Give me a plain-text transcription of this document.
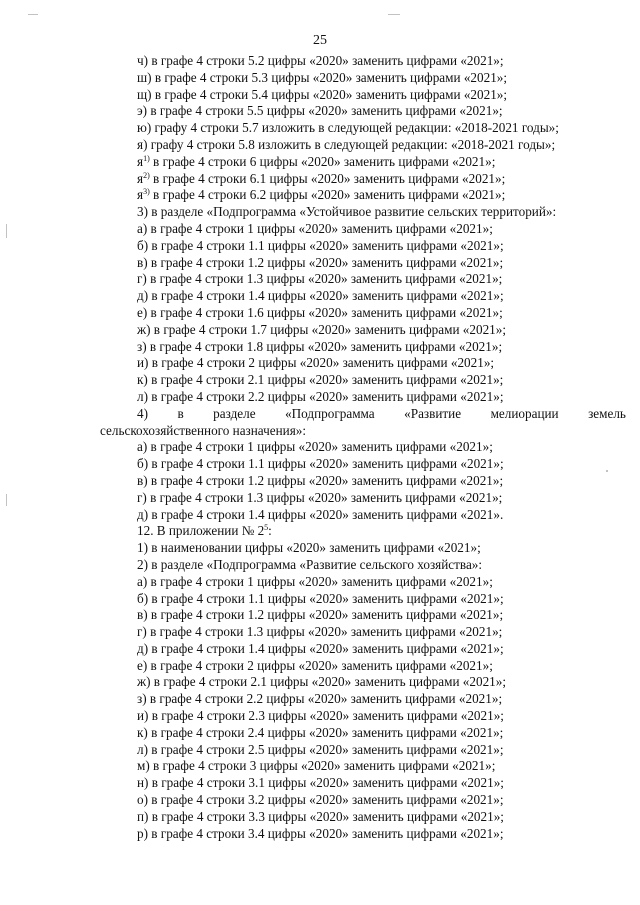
25
ч) в графе 4 строки 5.2 цифры «2020» заменить цифрами «2021»;
ш) в графе 4 строки 5.3 цифры «2020» заменить цифрами «2021»;
щ) в графе 4 строки 5.4 цифры «2020» заменить цифрами «2021»;
э) в графе 4 строки 5.5 цифры «2020» заменить цифрами «2021»;
ю) графу 4 строки 5.7 изложить в следующей редакции: «2018-2021 годы»;
я) графу 4 строки 5.8 изложить в следующей редакции: «2018-2021 годы»;
$я^{1)}$ в графе 4 строки 6 цифры «2020» заменить цифрами «2021»;
$я^{2)}$ в графе 4 строки 6.1 цифры «2020» заменить цифрами «2021»;
$я^{3)}$ в графе 4 строки 6.2 цифры «2020» заменить цифрами «2021»;
3) в разделе «Подпрограмма «Устойчивое развитие сельских территорий»:
а) в графе 4 строки 1 цифры «2020» заменить цифрами «2021»;
б) в графе 4 строки 1.1 цифры «2020» заменить цифрами «2021»;
в) в графе 4 строки 1.2 цифры «2020» заменить цифрами «2021»;
г) в графе 4 строки 1.3 цифры «2020» заменить цифрами «2021»;
д) в графе 4 строки 1.4 цифры «2020» заменить цифрами «2021»;
е) в графе 4 строки 1.6 цифры «2020» заменить цифрами «2021»;
ж) в графе 4 строки 1.7 цифры «2020» заменить цифрами «2021»;
з) в графе 4 строки 1.8 цифры «2020» заменить цифрами «2021»;
и) в графе 4 строки 2 цифры «2020» заменить цифрами «2021»;
к) в графе 4 строки 2.1 цифры «2020» заменить цифрами «2021»;
л) в графе 4 строки 2.2 цифры «2020» заменить цифрами «2021»;
4) в разделе «Подпрограмма «Развитие мелиорации земель
сельскохозяйственного назначения»:
а) в графе 4 строки 1 цифры «2020» заменить цифрами «2021»;
б) в графе 4 строки 1.1 цифры «2020» заменить цифрами «2021»;
в) в графе 4 строки 1.2 цифры «2020» заменить цифрами «2021»;
г) в графе 4 строки 1.3 цифры «2020» заменить цифрами «2021»;
д) в графе 4 строки 1.4 цифры «2020» заменить цифрами «2021».
12. В приложении № $2^5$:
1) в наименовании цифры «2020» заменить цифрами «2021»;
2) в разделе «Подпрограмма «Развитие сельского хозяйства»:
а) в графе 4 строки 1 цифры «2020» заменить цифрами «2021»;
б) в графе 4 строки 1.1 цифры «2020» заменить цифрами «2021»;
в) в графе 4 строки 1.2 цифры «2020» заменить цифрами «2021»;
г) в графе 4 строки 1.3 цифры «2020» заменить цифрами «2021»;
д) в графе 4 строки 1.4 цифры «2020» заменить цифрами «2021»;
е) в графе 4 строки 2 цифры «2020» заменить цифрами «2021»;
ж) в графе 4 строки 2.1 цифры «2020» заменить цифрами «2021»;
з) в графе 4 строки 2.2 цифры «2020» заменить цифрами «2021»;
и) в графе 4 строки 2.3 цифры «2020» заменить цифрами «2021»;
к) в графе 4 строки 2.4 цифры «2020» заменить цифрами «2021»;
л) в графе 4 строки 2.5 цифры «2020» заменить цифрами «2021»;
м) в графе 4 строки 3 цифры «2020» заменить цифрами «2021»;
н) в графе 4 строки 3.1 цифры «2020» заменить цифрами «2021»;
о) в графе 4 строки 3.2 цифры «2020» заменить цифрами «2021»;
п) в графе 4 строки 3.3 цифры «2020» заменить цифрами «2021»;
р) в графе 4 строки 3.4 цифры «2020» заменить цифрами «2021»;
